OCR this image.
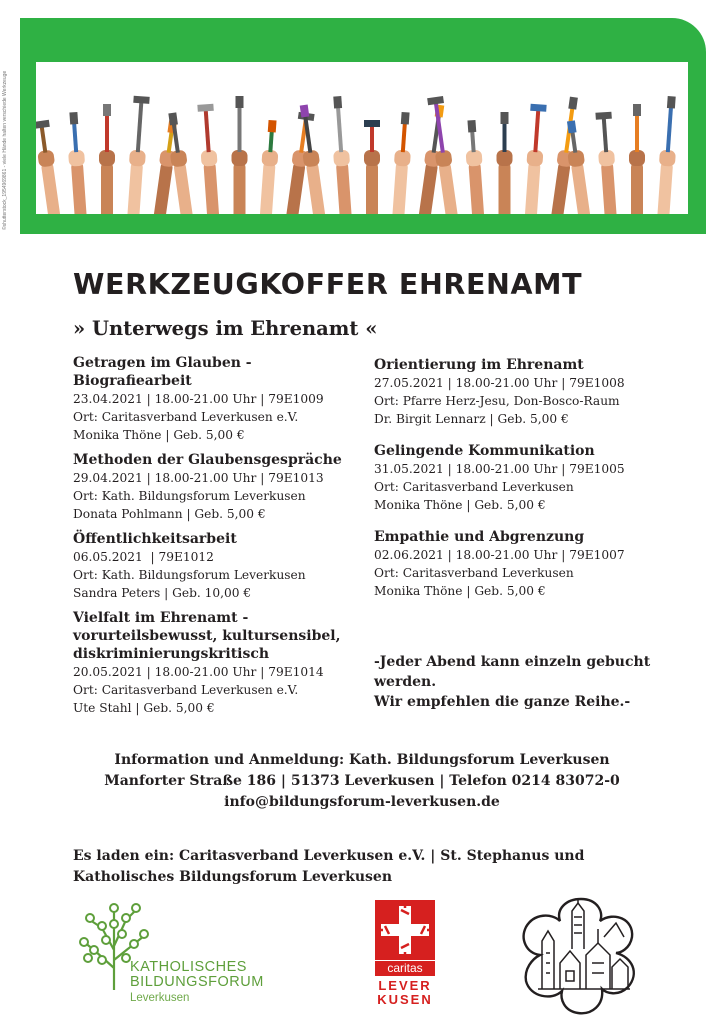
©shutterstock_1954969861 - viele Hände halten verschiede Werkzeuge
WERKZEUGKOFFER EHRENAMT
» Unterwegs im Ehrenamt «
Getragen im Glauben - Biografiearbeit
23.04.2021 | 18.00-21.00 Uhr | 79E1009
Ort: Caritasverband Leverkusen e.V.
Monika Thöne | Geb. 5,00 €
Methoden der Glaubensgespräche
29.04.2021 | 18.00-21.00 Uhr | 79E1013
Ort: Kath. Bildungsforum Leverkusen
Donata Pohlmann | Geb. 5,00 €
Öffentlichkeitsarbeit
06.05.2021  | 79E1012
Ort: Kath. Bildungsforum Leverkusen
Sandra Peters | Geb. 10,00 €
Vielfalt im Ehrenamt -
vorurteilsbewusst, kultursensibel,
diskriminierungskritisch
20.05.2021 | 18.00-21.00 Uhr | 79E1014
Ort: Caritasverband Leverkusen e.V.
Ute Stahl | Geb. 5,00 €
Orientierung im Ehrenamt
27.05.2021 | 18.00-21.00 Uhr | 79E1008
Ort: Pfarre Herz-Jesu, Don-Bosco-Raum
Dr. Birgit Lennarz | Geb. 5,00 €
Gelingende Kommunikation
31.05.2021 | 18.00-21.00 Uhr | 79E1005
Ort: Caritasverband Leverkusen
Monika Thöne | Geb. 5,00 €
Empathie und Abgrenzung
02.06.2021 | 18.00-21.00 Uhr | 79E1007
Ort: Caritasverband Leverkusen
Monika Thöne | Geb. 5,00 €
-Jeder Abend kann einzeln gebucht
werden.
Wir empfehlen die ganze Reihe.-
Information und Anmeldung: Kath. Bildungsforum Leverkusen
Manforter Straße 186 | 51373 Leverkusen | Telefon 0214 83072-0
info@bildungsforum-leverkusen.de
Es laden ein: Caritasverband Leverkusen e.V. | St. Stephanus und
Katholisches Bildungsforum Leverkusen
KATHOLISCHES
BILDUNGSFORUM
Leverkusen
caritas
LEVER
KUSEN
